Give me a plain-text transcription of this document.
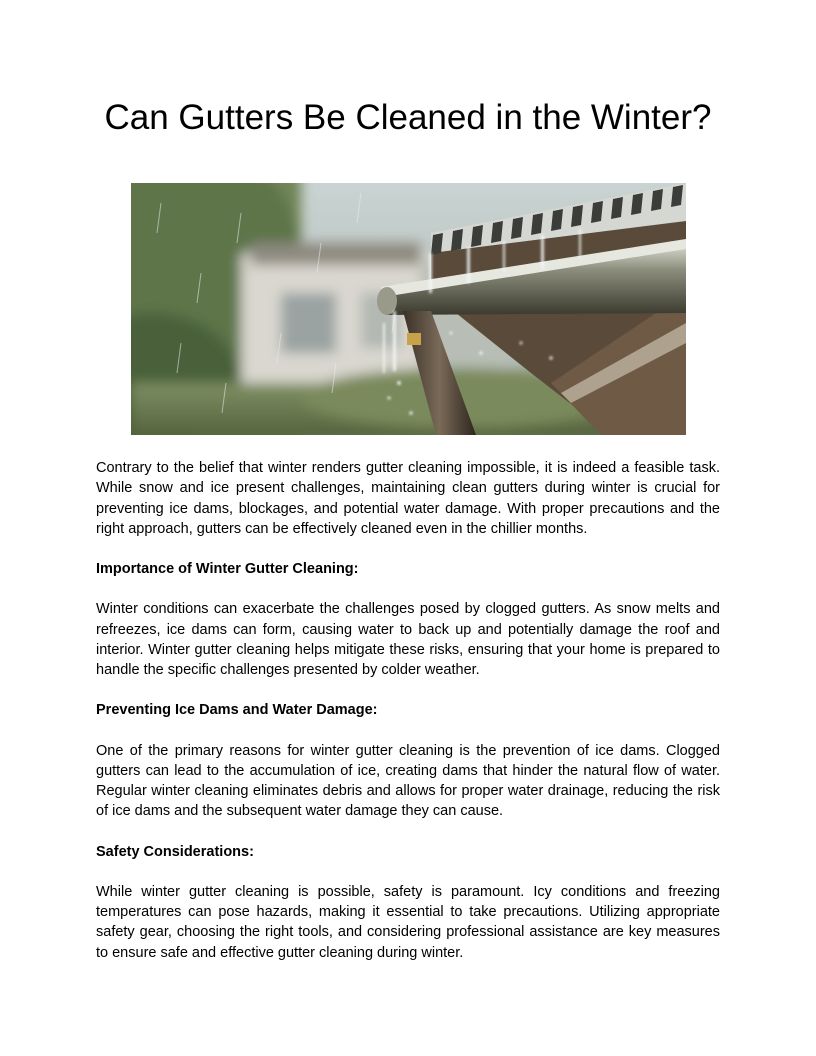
Can Gutters Be Cleaned in the Winter?

Contrary to the belief that winter renders gutter cleaning impossible, it is indeed a feasible task. While snow and ice present challenges, maintaining clean gutters during winter is crucial for preventing ice dams, blockages, and potential water damage. With proper precautions and the right approach, gutters can be effectively cleaned even in the chillier months.

Importance of Winter Gutter Cleaning:

Winter conditions can exacerbate the challenges posed by clogged gutters. As snow melts and refreezes, ice dams can form, causing water to back up and potentially damage the roof and interior. Winter gutter cleaning helps mitigate these risks, ensuring that your home is prepared to handle the specific challenges presented by colder weather.

Preventing Ice Dams and Water Damage:

One of the primary reasons for winter gutter cleaning is the prevention of ice dams. Clogged gutters can lead to the accumulation of ice, creating dams that hinder the natural flow of water. Regular winter cleaning eliminates debris and allows for proper water drainage, reducing the risk of ice dams and the subsequent water damage they can cause.

Safety Considerations:

While winter gutter cleaning is possible, safety is paramount. Icy conditions and freezing temperatures can pose hazards, making it essential to take precautions. Utilizing appropriate safety gear, choosing the right tools, and considering professional assistance are key measures to ensure safe and effective gutter cleaning during winter.
